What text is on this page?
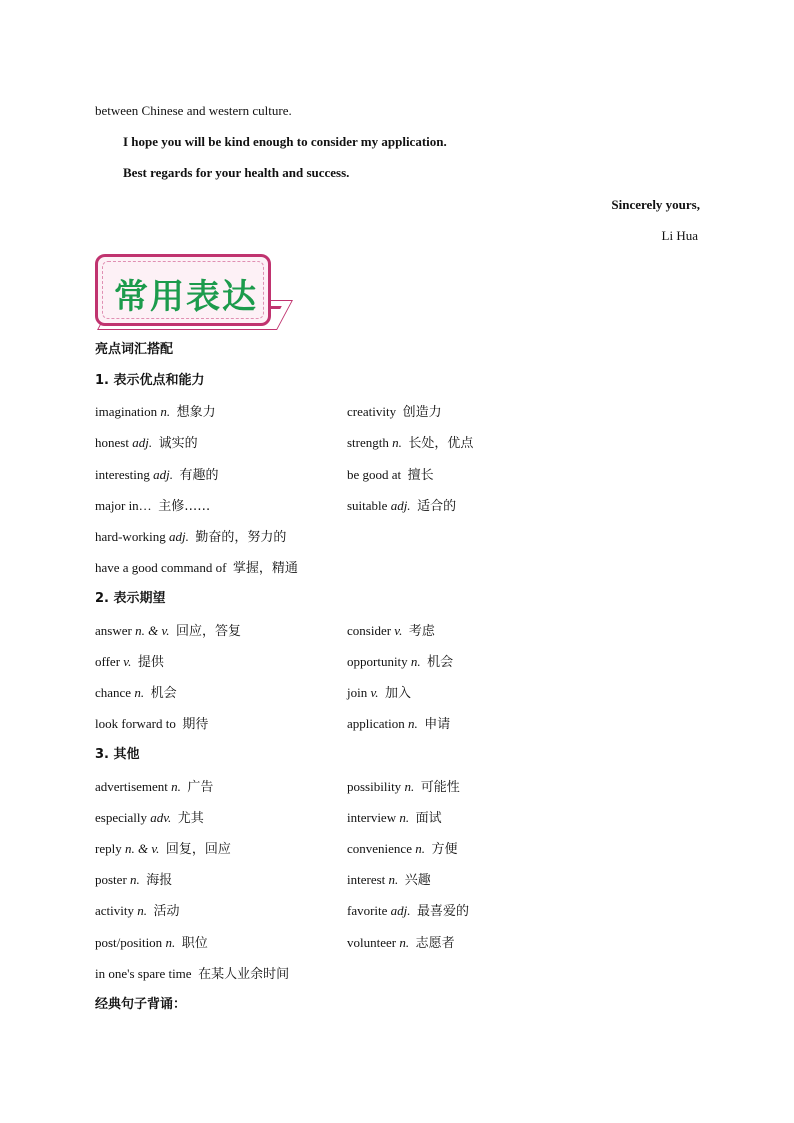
between Chinese and western culture.
I hope you will be kind enough to consider my application.
Best regards for your health and success.
Sincerely yours,
Li Hua
常用表达
亮点词汇搭配
1. 表示优点和能力
imagination n. 想象力	creativity 创造力
honest adj. 诚实的	strength n. 长处，优点
interesting adj. 有趣的	be good at 擅长
major in… 主修……	suitable adj. 适合的
hard-working adj. 勤奋的，努力的
have a good command of 掌握，精通
2. 表示期望
answer n. & v. 回应，答复	consider v. 考虑
offer v. 提供	opportunity n. 机会
chance n. 机会	join v. 加入
look forward to 期待	application n. 申请
3. 其他
advertisement n. 广告	possibility n. 可能性
especially adv. 尤其	interview n. 面试
reply n. & v. 回复，回应	convenience n. 方便
poster n. 海报	interest n. 兴趣
activity n. 活动	favorite adj. 最喜爱的
post/position n. 职位	volunteer n. 志愿者
in one's spare time 在某人业余时间
经典句子背诵：
